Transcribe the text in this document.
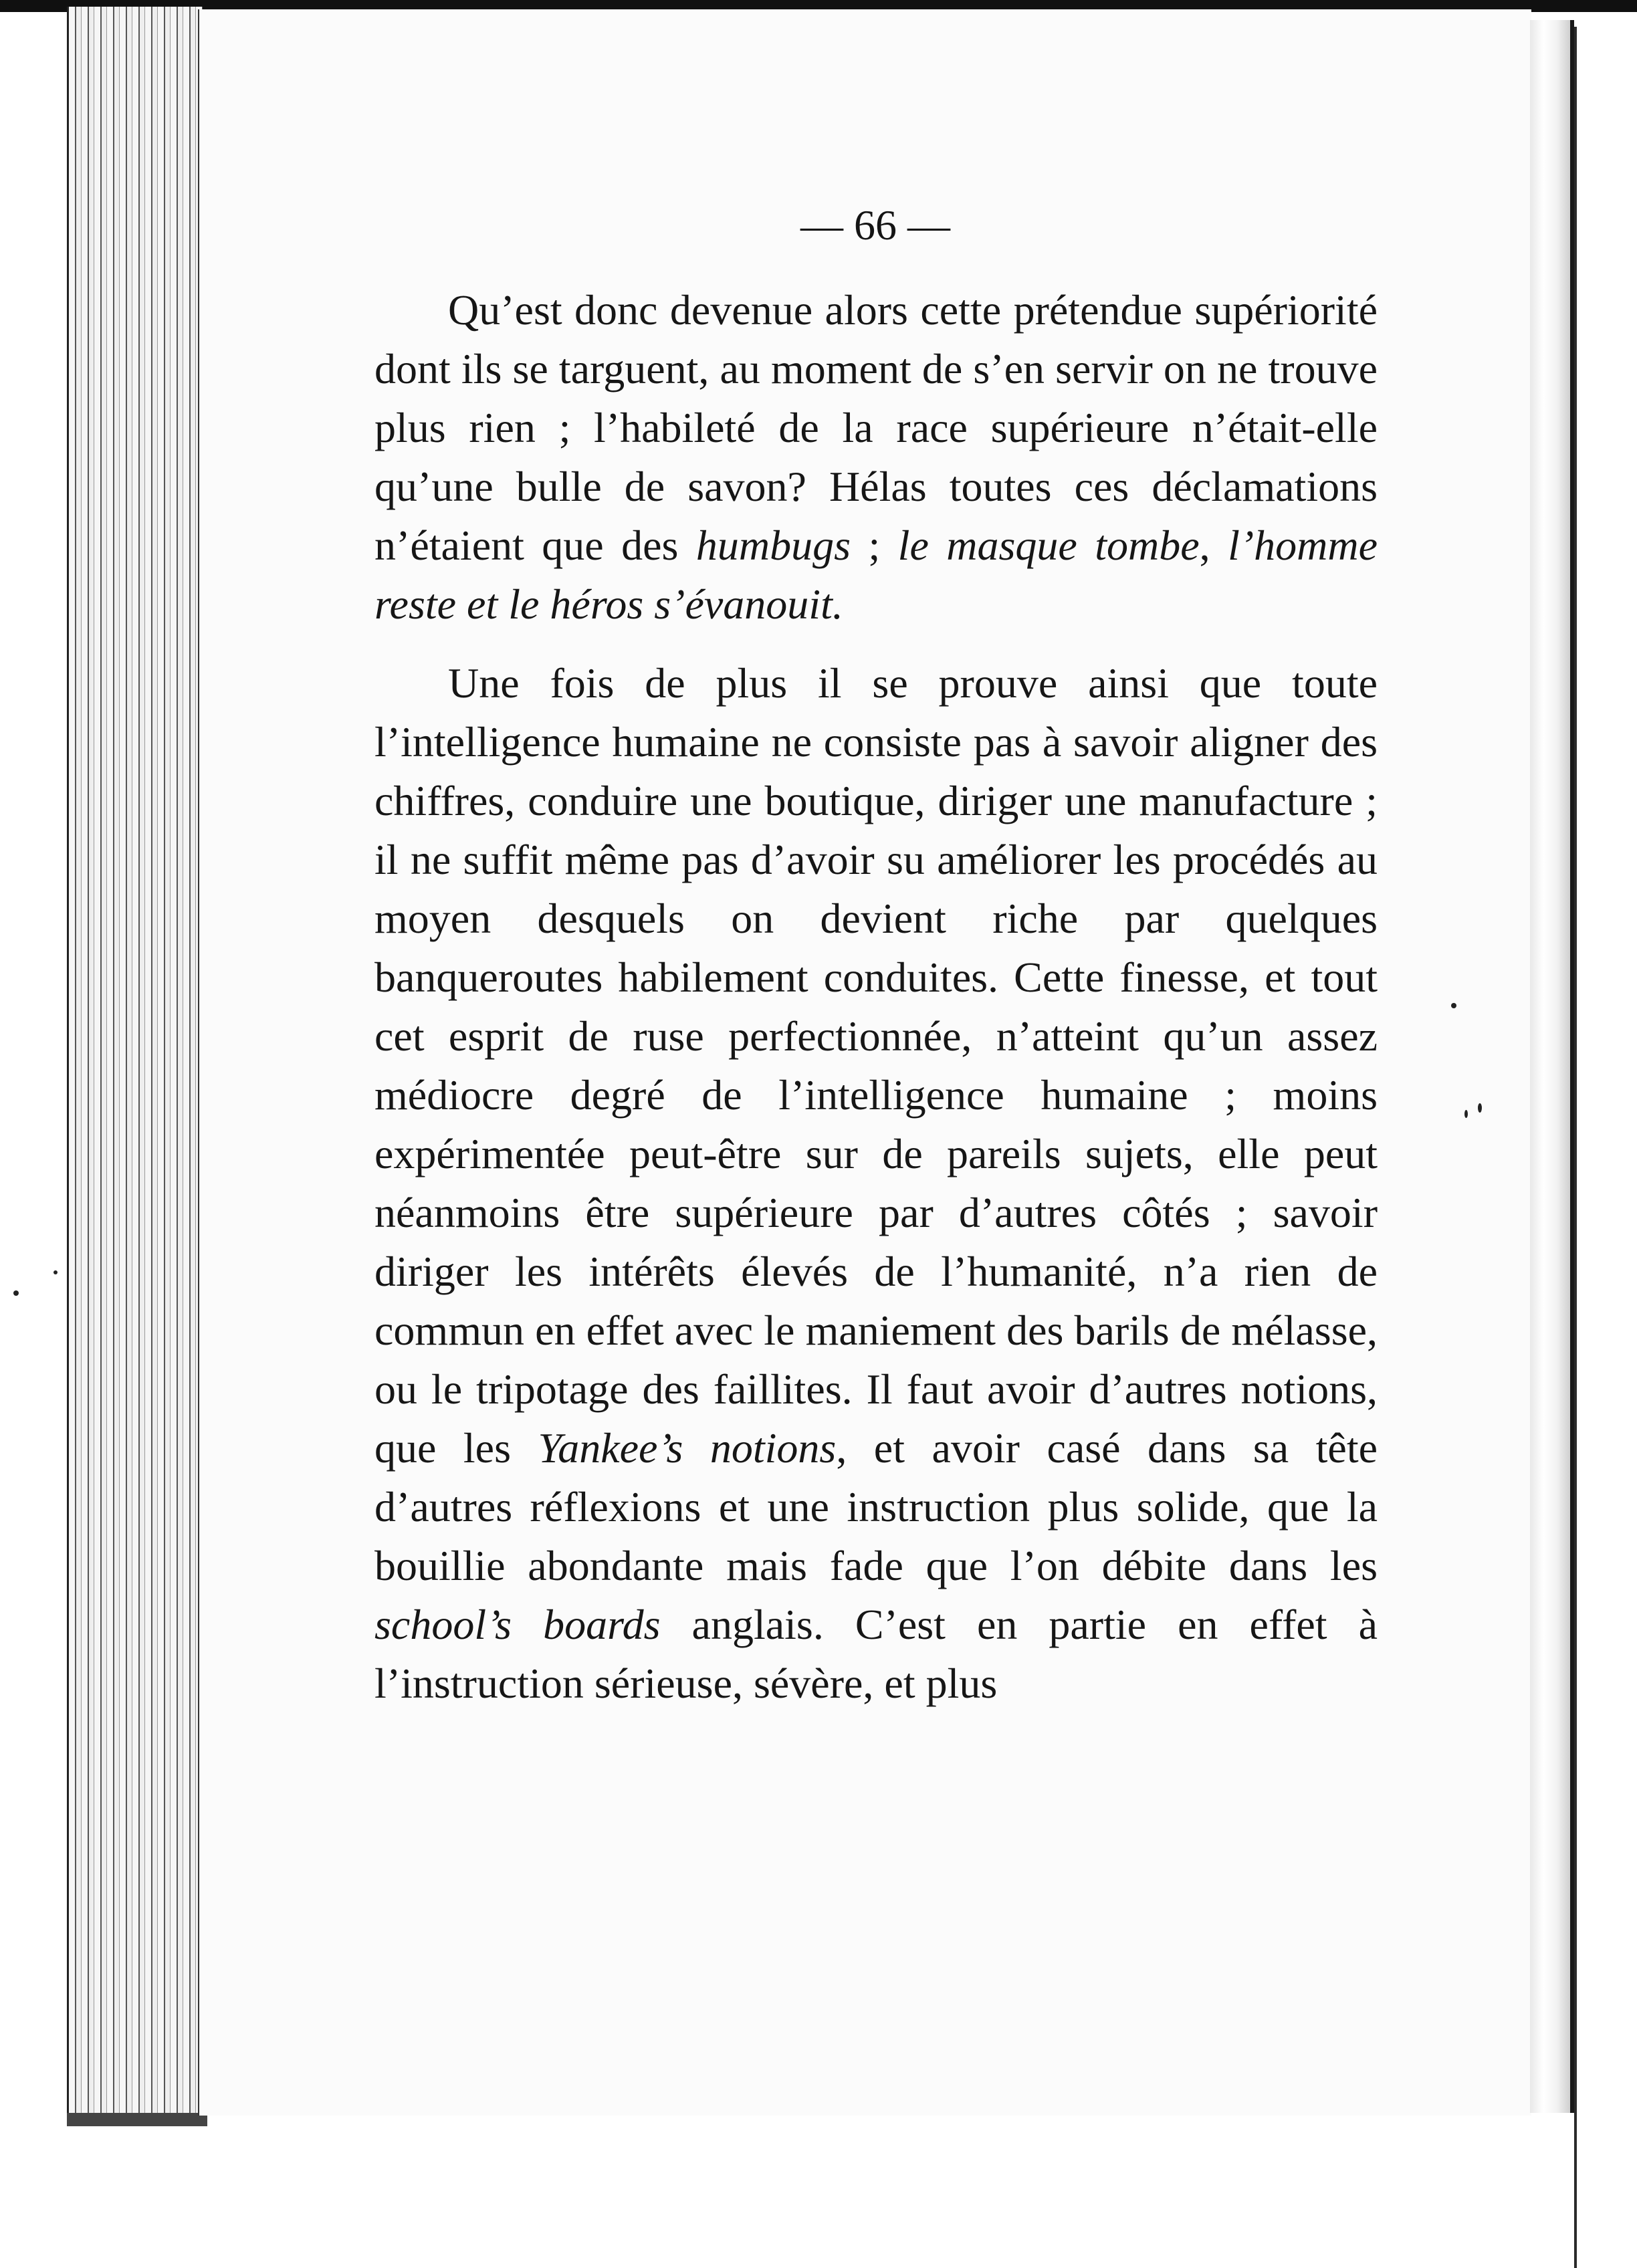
— 66 —

Qu’est donc devenue alors cette prétendue supériorité dont ils se targuent, au moment de s’en servir on ne trouve plus rien ; l’habileté de la race supérieure n’était-elle qu’une bulle de savon? Hélas toutes ces déclamations n’étaient que des humbugs ; le masque tombe, l’homme reste et le héros s’évanouit.

Une fois de plus il se prouve ainsi que toute l’intelligence humaine ne consiste pas à savoir aligner des chiffres, conduire une boutique, diriger une manufacture ; il ne suffit même pas d’avoir su améliorer les procédés au moyen desquels on devient riche par quelques banqueroutes habilement conduites. Cette finesse, et tout cet esprit de ruse perfectionnée, n’atteint qu’un assez médiocre degré de l’intelligence humaine ; moins expérimentée peut-être sur de pareils sujets, elle peut néanmoins être supérieure par d’autres côtés ; savoir diriger les intérêts élevés de l’humanité, n’a rien de commun en effet avec le maniement des barils de mélasse, ou le tripotage des faillites. Il faut avoir d’autres notions, que les Yankee’s notions, et avoir casé dans sa tête d’autres réflexions et une instruction plus solide, que la bouillie abondante mais fade que l’on débite dans les school’s boards anglais. C’est en partie en effet à l’instruction sérieuse, sévère, et plus
